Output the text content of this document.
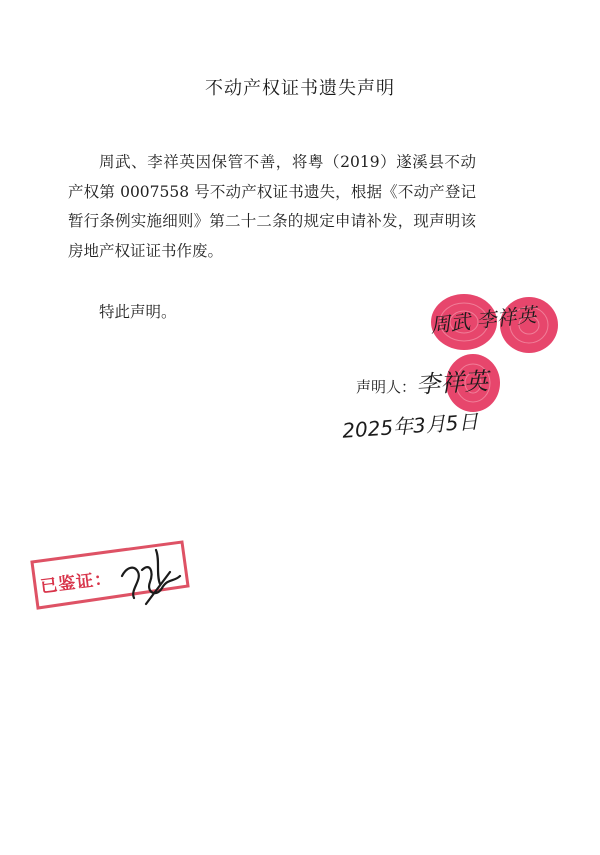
不动产权证书遗失声明
周武、李祥英因保管不善，将粤（2019）遂溪县不动产权第 0007558 号不动产权证书遗失，根据《不动产登记暂行条例实施细则》第二十二条的规定申请补发，现声明该房地产权证证书作废。
特此声明。	周武 李祥英
声明人： 李祥英
2025年3月5日
已鉴证：
